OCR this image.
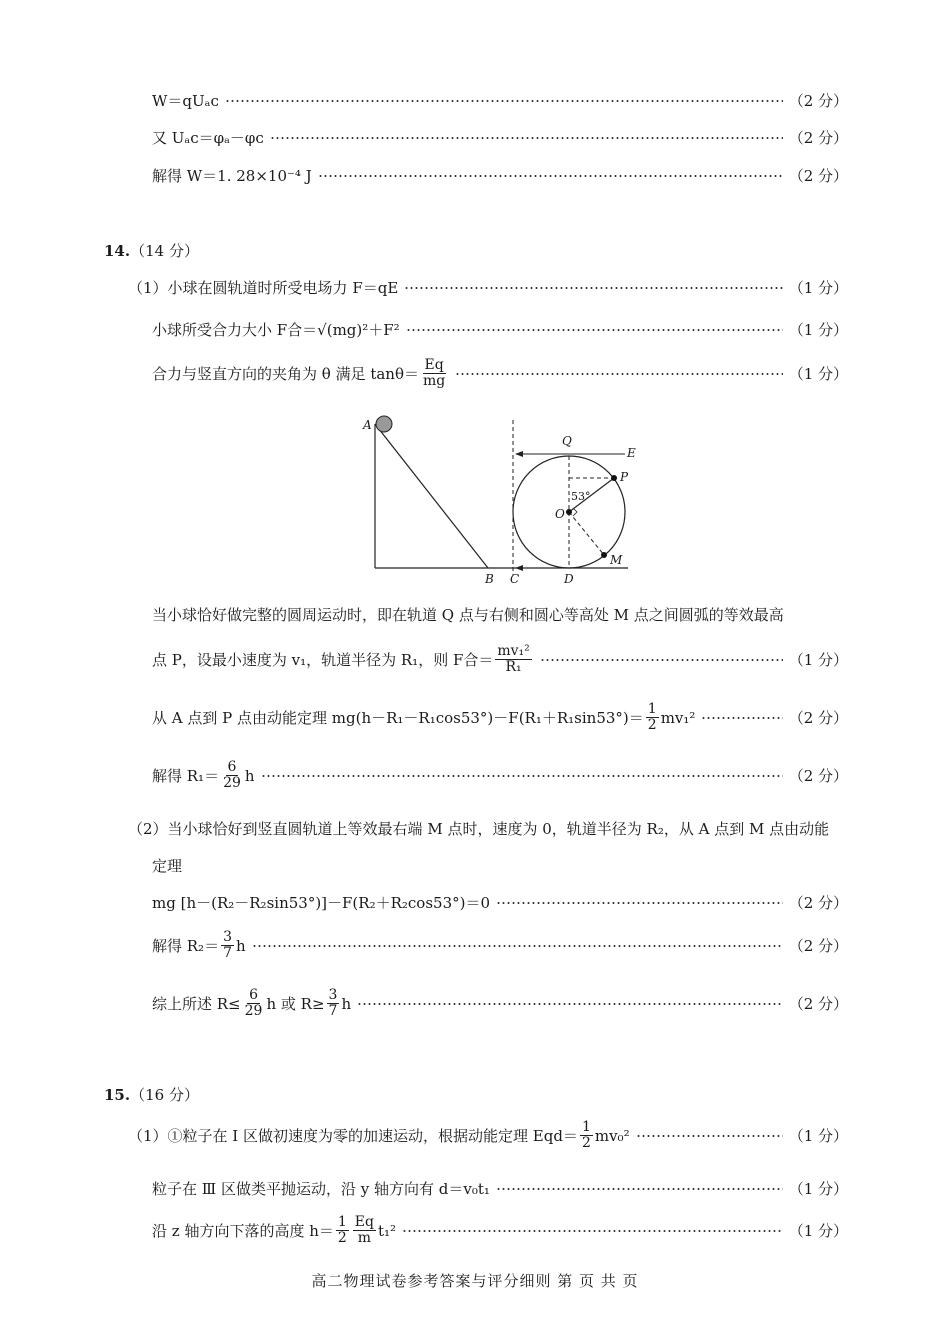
W＝qUₐᴄ	（2 分）
又 Uₐᴄ＝φₐ－φᴄ	（2 分）
解得 W＝1. 28×10⁻⁴ J	（2 分）
14.（14 分）
（1）小球在圆轨道时所受电场力 F＝qE	（1 分）
小球所受合力大小 F合＝√(mg)²＋F²	（1 分）
合力与竖直方向的夹角为 θ 满足 $\tan\theta= \frac{Eq}{mg}$	（1 分）
A
B C	D
E
Q
P
O
M
53°
当小球恰好做完整的圆周运动时，即在轨道 Q 点与右侧和圆心等高处 M 点之间圆弧的等效最高
点 P，设最小速度为 v₁，轨道半径为 R₁，则 F合＝ $\frac{\text{mv₁²}}{\text{R₁}}$	（1 分）
从 A 点到 P 点由动能定理 $mg(h-R_1-R_1\cos 53^\circ)-F(R_1+R_1\sin 53^\circ)= \frac{1}{2} mv_1^2$	（2 分）
解得 $R_1= \frac{6}{29}$ h	（2 分）
（2）当小球恰好到竖直圆轨道上等效最右端 M 点时，速度为 0，轨道半径为 R₂，从 A 点到 M 点由动能
定理
mg [h－(R₂－R₂sin53°)]－F(R₂＋R₂cos53°)＝0	（2 分）
解得 $R_2= \frac{3}{7}$ h	（2 分）
综上所述 $R\le \frac{6}{29}$ h 或 $R\ge \frac{3}{7}$ h	（2 分）
15.（16 分）
（1）①粒子在 Ⅰ 区做初速度为零的加速运动，根据动能定理 $Eqd= \frac{1}{2} mv_0^2$	（1 分）
粒子在 Ⅲ 区做类平抛运动，沿 y 轴方向有 d＝v₀t₁	（1 分）
沿 z 轴方向下落的高度 $h= \frac{1}{2} \frac{Eq}{m} t_1^2$	（1 分）
高二物理试卷参考答案与评分细则 第 页 共 页
